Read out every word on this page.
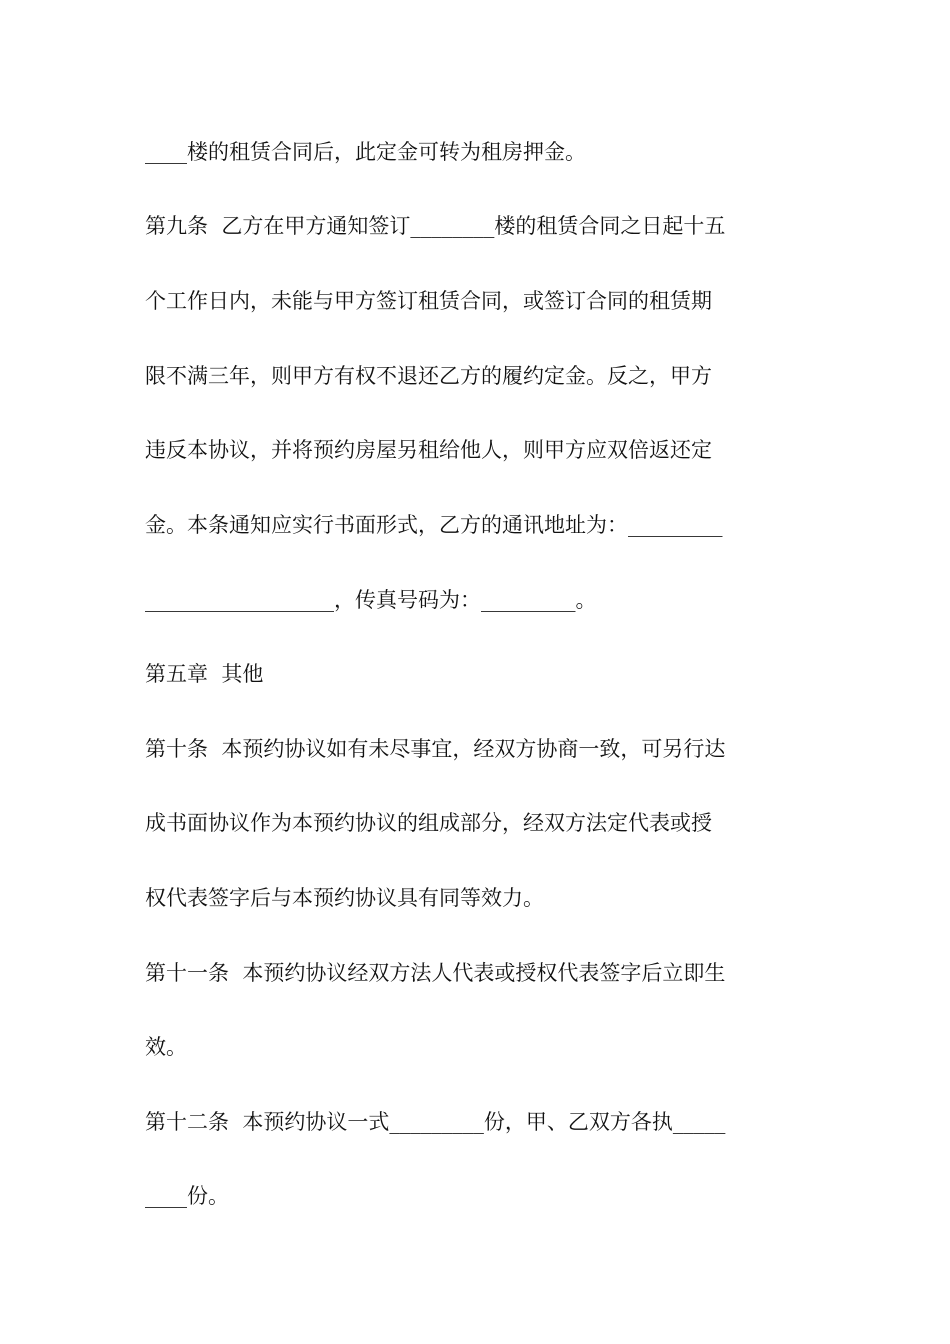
____楼的租赁合同后，此定金可转为租房押金。
第九条  乙方在甲方通知签订________楼的租赁合同之日起十五
个工作日内，未能与甲方签订租赁合同，或签订合同的租赁期
限不满三年，则甲方有权不退还乙方的履约定金。反之，甲方
违反本协议，并将预约房屋另租给他人，则甲方应双倍返还定
金。本条通知应实行书面形式，乙方的通讯地址为：_________
__________________，传真号码为：_________。
第五章  其他
第十条  本预约协议如有未尽事宜，经双方协商一致，可另行达
成书面协议作为本预约协议的组成部分，经双方法定代表或授
权代表签字后与本预约协议具有同等效力。
第十一条  本预约协议经双方法人代表或授权代表签字后立即生
效。
第十二条  本预约协议一式_________份，甲、乙双方各执_____
____份。
